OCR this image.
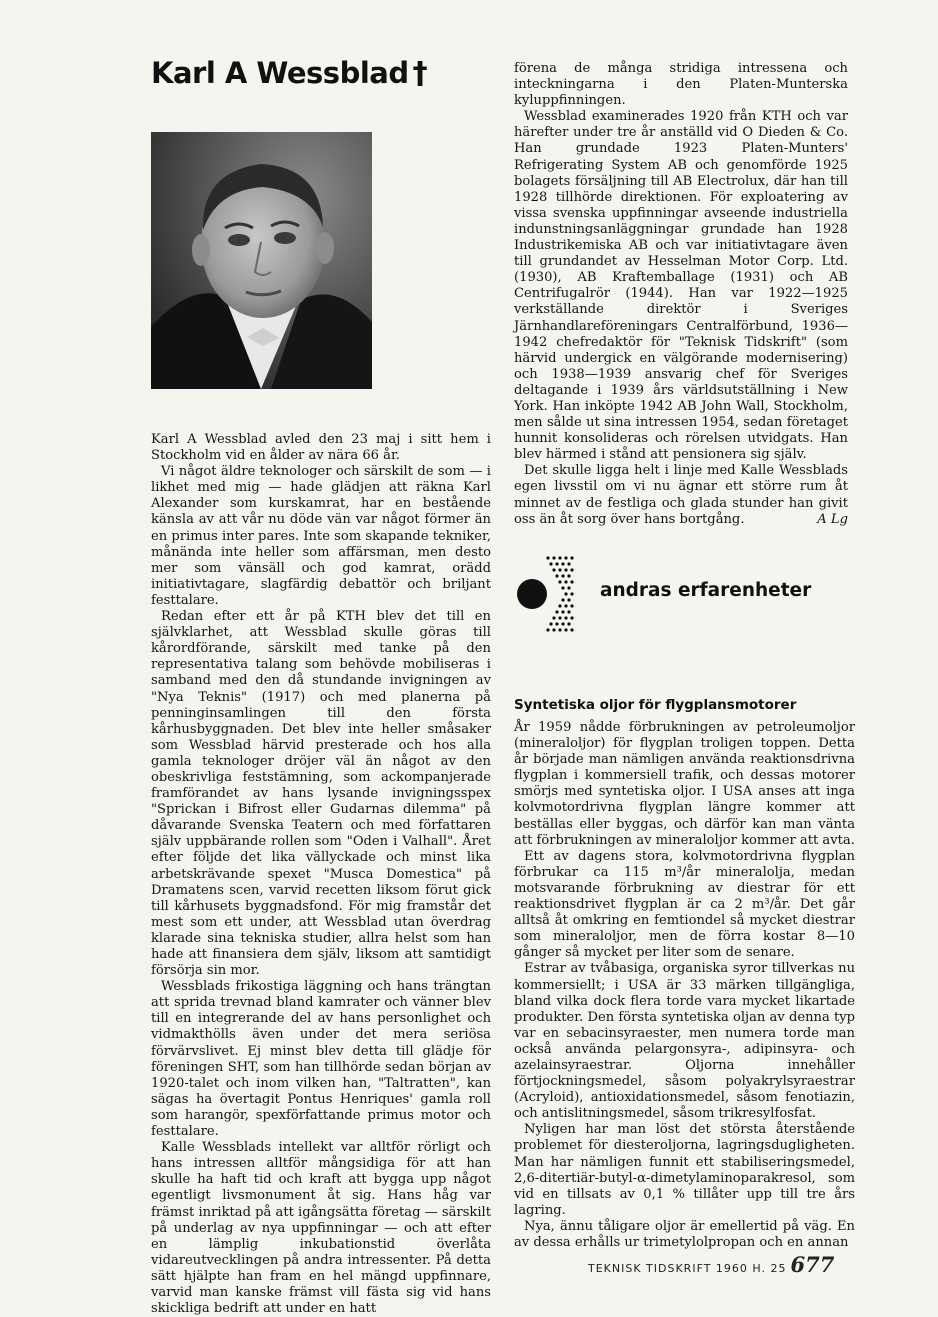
Karl A Wessblad †

Karl A Wessblad avled den 23 maj i sitt hem i Stockholm vid en ålder av nära 66 år.

Vi något äldre teknologer och särskilt de som — i likhet med mig — hade glädjen att räkna Karl Alexander som kurskamrat, har en bestående känsla av att vår nu döde vän var något förmer än en primus inter pares. Inte som skapande tekniker, månända inte heller som affärsman, men desto mer som vänsäll och god kamrat, orädd initiativtagare, slagfärdig debattör och briljant festtalare.

Redan efter ett år på KTH blev det till en självklarhet, att Wessblad skulle göras till kårordförande, särskilt med tanke på den representativa talang som behövde mobiliseras i samband med den då stundande invigningen av "Nya Teknis" (1917) och med planerna på penninginsamlingen till den första kårhusbyggnaden. Det blev inte heller småsaker som Wessblad härvid presterade och hos alla gamla teknologer dröjer väl än något av den obeskrivliga feststämning, som ackompanjerade framförandet av hans lysande invigningsspex "Sprickan i Bifrost eller Gudarnas dilemma" på dåvarande Svenska Teatern och med författaren själv uppbärande rollen som "Oden i Valhall". Året efter följde det lika vällyckade och minst lika arbetskrävande spexet "Musca Domestica" på Dramatens scen, varvid recetten liksom förut gick till kårhusets byggnadsfond. För mig framstår det mest som ett under, att Wessblad utan överdrag klarade sina tekniska studier, allra helst som han hade att finansiera dem själv, liksom att samtidigt försörja sin mor.

Wessblads frikostiga läggning och hans trängtan att sprida trevnad bland kamrater och vänner blev till en integrerande del av hans personlighet och vidmakthölls även under det mera seriösa förvärvslivet. Ej minst blev detta till glädje för föreningen SHT, som han tillhörde sedan början av 1920-talet och inom vilken han, "Taltratten", kan sägas ha övertagit Pontus Henriques' gamla roll som harangör, spexförfattande primus motor och festtalare.

Kalle Wessblads intellekt var alltför rörligt och hans intressen alltför mångsidiga för att han skulle ha haft tid och kraft att bygga upp något egentligt livsmonument åt sig. Hans håg var främst inriktad på att igångsätta företag — särskilt på underlag av nya uppfinningar — och att efter en lämplig inkubationstid överlåta vidareutvecklingen på andra intressenter. På detta sätt hjälpte han fram en hel mängd uppfinnare, varvid man kanske främst vill fästa sig vid hans skickliga bedrift att under en hatt

förena de många stridiga intressena och inteckningarna i den Platen-Munterska kyluppfinningen.

Wessblad examinerades 1920 från KTH och var härefter under tre år anställd vid O Dieden & Co. Han grundade 1923 Platen-Munters' Refrigerating System AB och genomförde 1925 bolagets försäljning till AB Electrolux, där han till 1928 tillhörde direktionen. För exploatering av vissa svenska uppfinningar avseende industriella indunstningsanläggningar grundade han 1928 Industrikemiska AB och var initiativtagare även till grundandet av Hesselman Motor Corp. Ltd. (1930), AB Kraftemballage (1931) och AB Centrifugalrör (1944). Han var 1922—1925 verkställande direktör i Sveriges Järnhandlareföreningars Centralförbund, 1936—1942 chefredaktör för "Teknisk Tidskrift" (som härvid undergick en välgörande modernisering) och 1938—1939 ansvarig chef för Sveriges deltagande i 1939 års världsutställning i New York. Han inköpte 1942 AB John Wall, Stockholm, men sålde ut sina intressen 1954, sedan företaget hunnit konsolideras och rörelsen utvidgats. Han blev härmed i stånd att pensionera sig själv.

Det skulle ligga helt i linje med Kalle Wessblads egen livsstil om vi nu ägnar ett större rum åt minnet av de festliga och glada stunder han givit oss än åt sorg över hans bortgång.	A Lg

andras erfarenheter
Syntetiska oljor för flygplansmotorer

År 1959 nådde förbrukningen av petroleumoljor (mineraloljor) för flygplan troligen toppen. Detta år började man nämligen använda reaktionsdrivna flygplan i kommersiell trafik, och dessas motorer smörjs med syntetiska oljor. I USA anses att inga kolvmotordrivna flygplan längre kommer att beställas eller byggas, och därför kan man vänta att förbrukningen av mineraloljor kommer att avta.

Ett av dagens stora, kolvmotordrivna flygplan förbrukar ca 115 m³/år mineralolja, medan motsvarande förbrukning av diestrar för ett reaktionsdrivet flygplan är ca 2 m³/år. Det går alltså åt omkring en femtiondel så mycket diestrar som mineraloljor, men de förra kostar 8—10 gånger så mycket per liter som de senare.

Estrar av tvåbasiga, organiska syror tillverkas nu kommersiellt; i USA är 33 märken tillgängliga, bland vilka dock flera torde vara mycket likartade produkter. Den första syntetiska oljan av denna typ var en sebacinsyraester, men numera torde man också använda pelargonsyra-, adipinsyra- och azelainsyraestrar. Oljorna innehåller förtjockningsmedel, såsom polyakrylsyraestrar (Acryloid), antioxidationsmedel, såsom fenotiazin, och antislitningsmedel, såsom trikresylfosfat.

Nyligen har man löst det största återstående problemet för diesteroljorna, lagringsdugligheten. Man har nämligen funnit ett stabiliseringsmedel, 2,6-ditertiär-butyl-α-dimetylaminoparakresol, som vid en tillsats av 0,1 % tillåter upp till tre års lagring.

Nya, ännu tåligare oljor är emellertid på väg. En av dessa erhålls ur trimetylolpropan och en annan

TEKNISK TIDSKRIFT 1960 H. 25 677
